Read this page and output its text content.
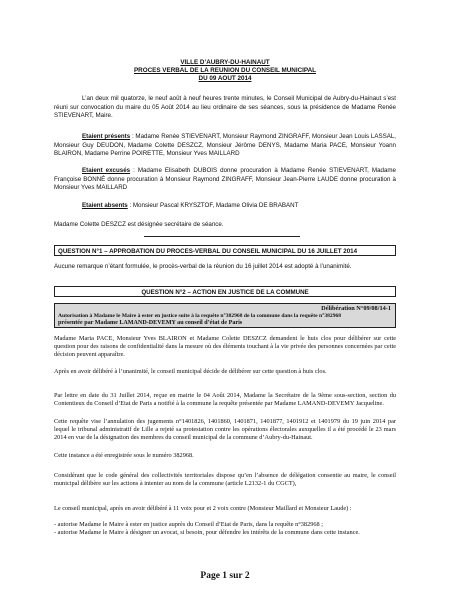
VILLE D’AUBRY-DU-HAINAUT
PROCES VERBAL DE LA REUNION DU CONSEIL MUNICIPAL
DU 09 AOUT 2014

L’an deux mil quatorze, le neuf août à neuf heures trente minutes, le Conseil Municipal de Aubry-du-Hainaut s’est réuni sur convocation du maire du 05 Août 2014 au lieu ordinaire de ses séances, sous la présidence de Madame Renée STIEVENART, Maire.

Etaient présents : Madame Renée STIEVENART, Monsieur Raymond ZINGRAFF, Monsieur Jean Louis LASSAL, Monsieur Guy DEUDON, Madame Colette DESZCZ, Monsieur Jérôme DENYS, Madame Maria PACE, Monsieur Yoann BLAIRON, Madame Perrine POIRETTE, Monsieur Yves MAILLARD

Etaient excusés : Madame Elisabeth DUBOIS donne procuration à Madame Renée STIEVENART, Madame Françoise BONNÉ donne procuration à Monsieur Raymond ZINGRAFF, Monsieur Jean-Pierre LAUDE donne procuration à Monsieur Yves MAILLARD

Etaient absents : Monsieur Pascal KRYSZTOF, Madame Olivia DE BRABANT

Madame Colette DESZCZ est désignée secrétaire de séance.

QUESTION N°1 – APPROBATION DU PROCES-VERBAL DU CONSEIL MUNICIPAL DU 16 JUILLET 2014

Aucune remarque n’étant formulée, le procès-verbal de la réunion du 16 juillet 2014 est adopté à l’unanimité.

QUESTION N°2 – ACTION EN JUSTICE DE LA COMMUNE
Délibération N°09/08/14-1
Autorisation à Madame le Maire à ester en justice suite à la requête n°382968 de la commune dans la requête n°382968
présentée par Madame LAMAND-DEVEMY au conseil d’état de Paris

Madame Maria PACE, Monsieur Yves BLAIRON et Madame Colette DESZCZ demandent le huis clos pour délibérer sur cette question pour des raisons de confidentialité dans la mesure où des éléments touchant à la vie privée des personnes concernées par cette décision peuvent apparaître.

Après en avoir délibéré à l’unanimité, le conseil municipal décide de délibérer sur cette question à huis clos.

Par lettre en date du 31 Juillet 2014, reçue en mairie le 04 Août 2014, Madame la Secrétaire de la 9ème sous-section, section du Contentieux du Conseil d’Etat de Paris a notifié à la commune la requête présentée par Madame LAMAND-DEVEMY Jacqueline.

Cette requête vise l’annulation des jugements n°1401826, 1401860, 1401871, 1401877, 1401912 et 1401979 du 19 juin 2014 par lequel le tribunal administratif de Lille a rejeté sa protestation contre les opérations électorales auxquelles il a été procédé le 23 mars 2014 en vue de la désignation des membres du conseil municipal de la commune d’Aubry-du-Hainaut.

Cette instance a été enregistrée sous le numéro 382968.

Considérant que le code général des collectivités territoriales dispose qu’en l’absence de délégation consentie au maire, le conseil municipal délibère sur les actions à intenter au nom de la commune (article L2132-1 du CGCT),

Le conseil municipal, après en avoir délibéré à 11 voix pour et 2 voix contre (Monsieur Maillard et Monsieur Laude) :

- autorise Madame le Maire à ester en justice auprès du Conseil d’Etat de Paris, dans la requête n°382968 ;

- autorise Madame le Maire à désigner un avocat, si besoin, pour défendre les intérêts de la commune dans cette instance.

Page 1 sur 2
